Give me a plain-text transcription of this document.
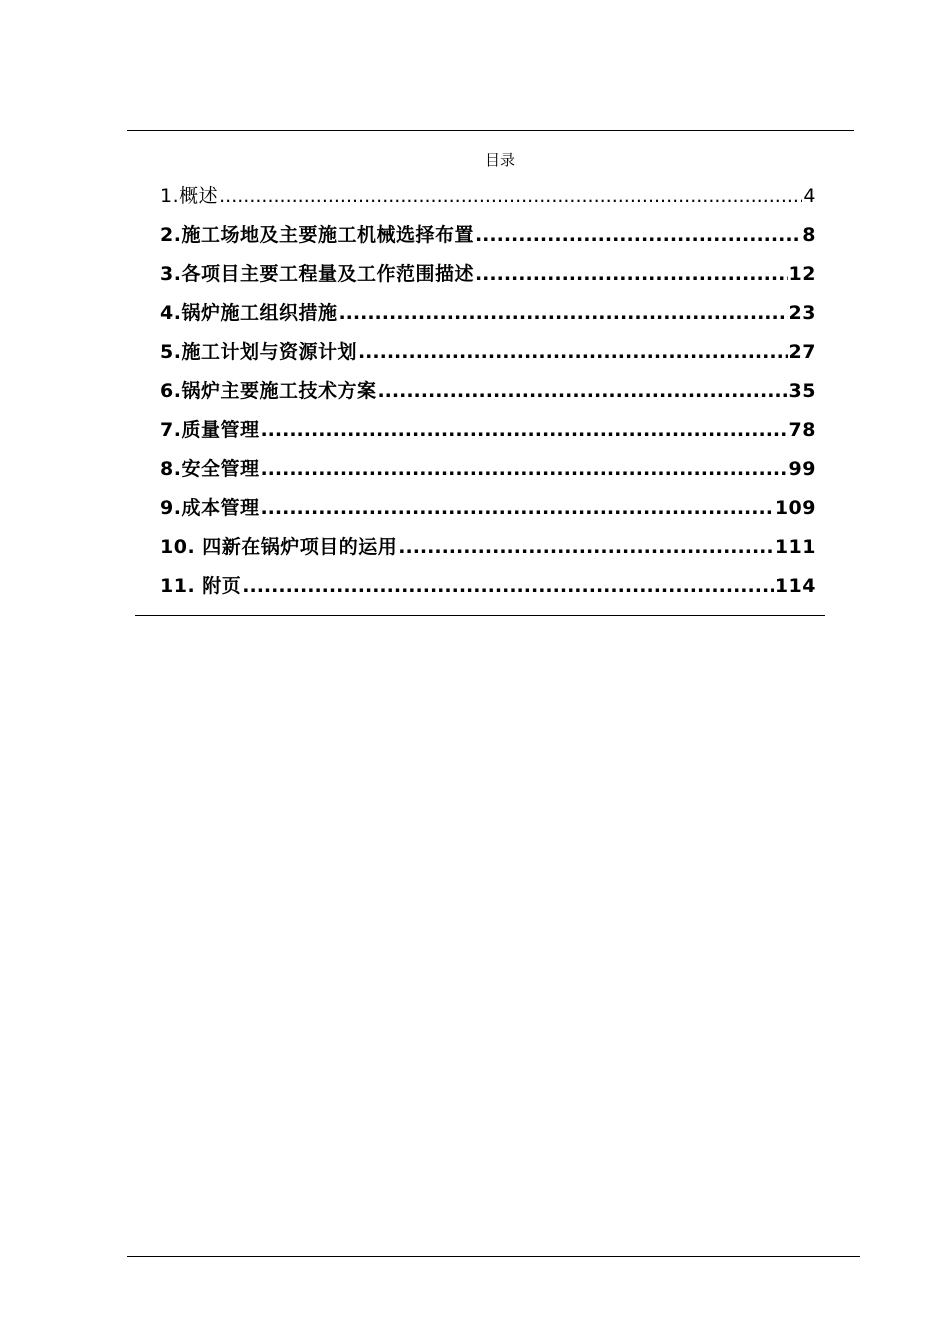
目录
1.概述 .....	4
2.施工场地及主要施工机械选择布置 .....	8
3.各项目主要工程量及工作范围描述 .....	12
4.锅炉施工组织措施 .....	23
5.施工计划与资源计划 .....	27
6.锅炉主要施工技术方案 .....	35
7.质量管理 .....	78
8.安全管理 .....	99
9.成本管理 .....	109
10. 四新在锅炉项目的运用 .....	111
11. 附页 .....	114
